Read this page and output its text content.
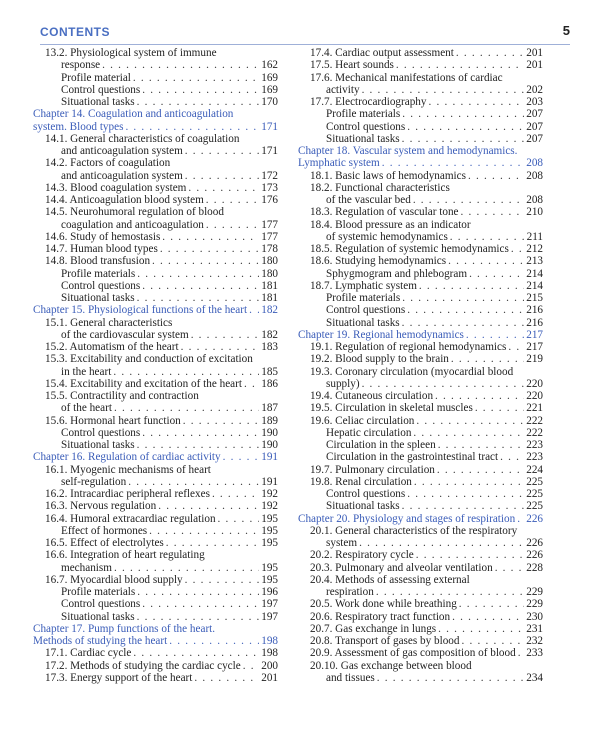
CONTENTS	5
13.2. Physiological system of immune
response . . .	162
Profile material . . .	169
Control questions . . .	169
Situational tasks . . .	170
Chapter 14. Coagulation and anticoagulation
system. Blood types . . .	171
14.1. General characteristics of coagulation
and anticoagulation system . . .	171
14.2. Factors of coagulation
and anticoagulation system . . .	172
14.3. Blood coagulation system . . .	173
14.4. Anticoagulation blood system . . .	176
14.5. Neurohumoral regulation of blood
coagulation and anticoagulation . . .	177
14.6. Study of hemostasis . . .	177
14.7. Human blood types . . .	178
14.8. Blood transfusion . . .	180
Profile materials . . .	180
Control questions . . .	181
Situational tasks . . .	181
Chapter 15. Physiological functions of the heart . . . 182
15.1. General characteristics
of the cardiovascular system . . .	182
15.2. Automatism of the heart . . .	183
15.3. Excitability and conduction of excitation
in the heart . . .	185
15.4. Excitability and excitation of the heart . . . 186
15.5. Contractility and contraction
of the heart . . .	187
15.6. Hormonal heart function . . .	189
Control questions . . .	190
Situational tasks . . .	190
Chapter 16. Regulation of cardiac activity . . .	191
16.1. Myogenic mechanisms of heart
self-regulation . . .	191
16.2. Intracardiac peripheral reflexes . . .	192
16.3. Nervous regulation . . .	192
16.4. Humoral extracardiac regulation . . .	195
Effect of hormones . . .	195
16.5. Effect of electrolytes . . .	195
16.6. Integration of heart regulating
mechanism . . .	195
16.7. Myocardial blood supply . . .	195
Profile materials . . .	196
Control questions . . .	197
Situational tasks . . .	197
Chapter 17. Pump functions of the heart.
Methods of studying the heart . . .	198
17.1. Cardiac cycle . . .	198
17.2. Methods of studying the cardiac cycle . . . 200
17.3. Energy support of the heart . . .	201
17.4. Cardiac output assessment . . .	201
17.5. Heart sounds . . .	201
17.6. Mechanical manifestations of cardiac
activity . . .	202
17.7. Electrocardiography . . .	203
Profile materials . . .	207
Control questions . . .	207
Situational tasks . . .	207
Chapter 18. Vascular system and hemodynamics.
Lymphatic system . . .	208
18.1. Basic laws of hemodynamics . . .	208
18.2. Functional characteristics
of the vascular bed . . .	208
18.3. Regulation of vascular tone . . .	210
18.4. Blood pressure as an indicator
of systemic hemodynamics . . .	211
18.5. Regulation of systemic hemodynamics . . . 212
18.6. Studying hemodynamics . . .	213
Sphygmogram and phlebogram . . .	214
18.7. Lymphatic system . . .	214
Profile materials . . .	215
Control questions . . .	216
Situational tasks . . .	216
Chapter 19. Regional hemodynamics . . .	217
19.1. Regulation of regional hemodynamics . . . 217
19.2. Blood supply to the brain . . .	219
19.3. Coronary circulation (myocardial blood
supply) . . .	220
19.4. Cutaneous circulation . . .	220
19.5. Circulation in skeletal muscles . . .	221
19.6. Celiac circulation . . .	222
Hepatic circulation . . .	222
Circulation in the spleen . . .	223
Circulation in the gastrointestinal tract . . .	223
19.7. Pulmonary circulation . . .	224
19.8. Renal circulation . . .	225
Control questions . . .	225
Situational tasks . . .	225
Chapter 20. Physiology and stages of respiration . . . 226
20.1. General characteristics of the respiratory
system . . .	226
20.2. Respiratory cycle . . .	226
20.3. Pulmonary and alveolar ventilation . . .	228
20.4. Methods of assessing external
respiration . . .	229
20.5. Work done while breathing . . .	229
20.6. Respiratory tract function . . .	230
20.7. Gas exchange in lungs . . .	231
20.8. Transport of gases by blood . . .	232
20.9. Assessment of gas composition of blood . . . 233
20.10. Gas exchange between blood
and tissues . . .	234
